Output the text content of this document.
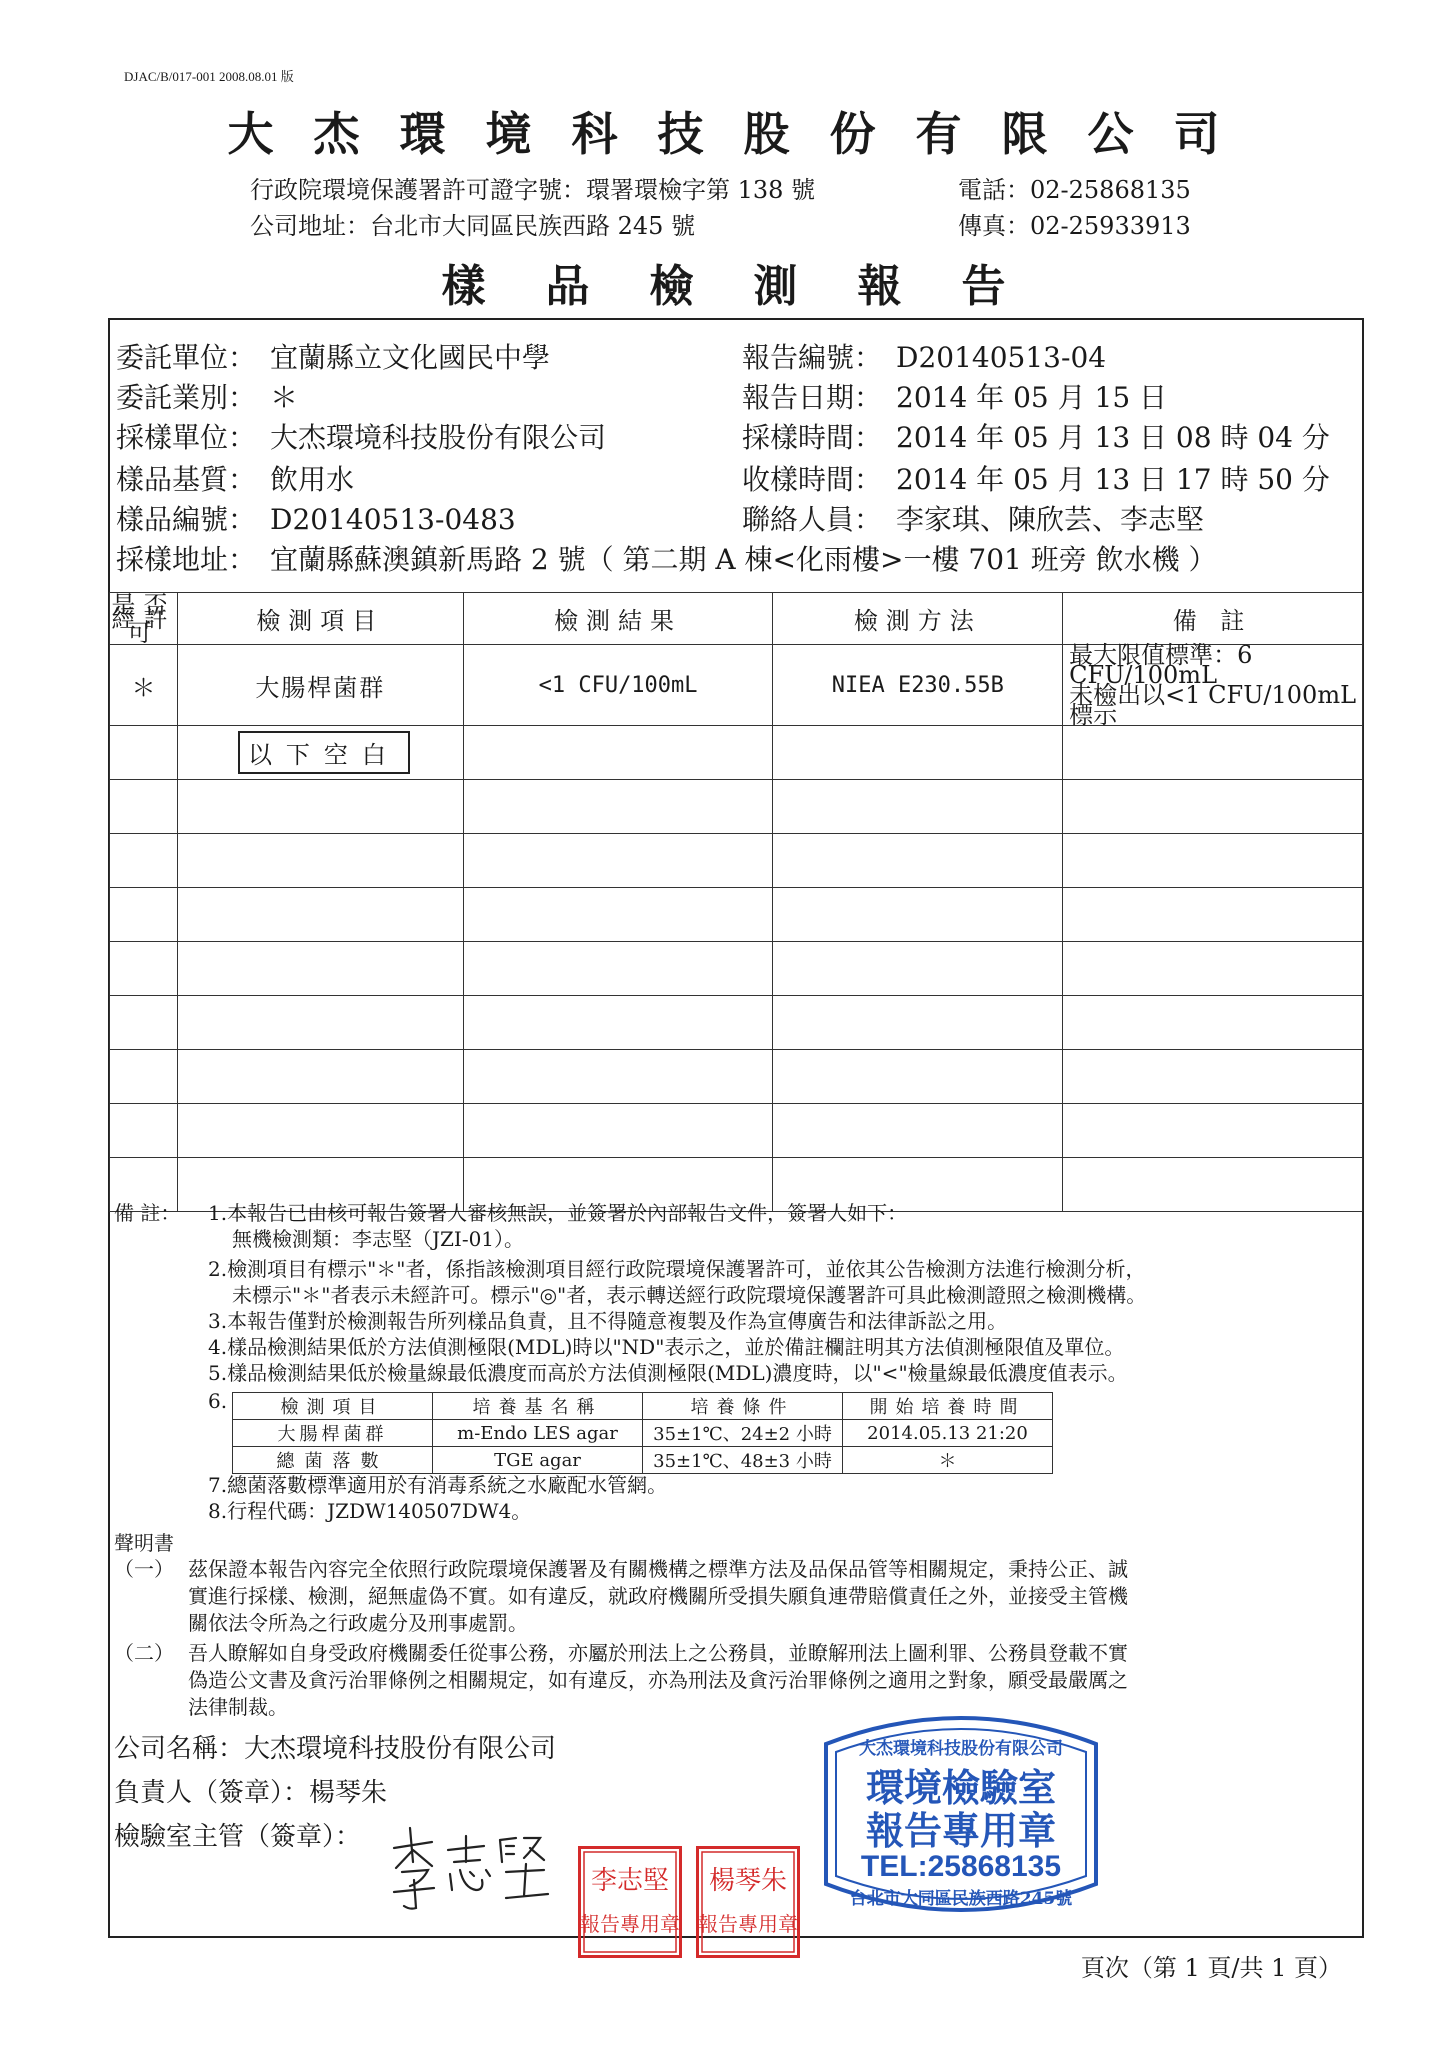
DJAC/B/017-001 2008.08.01 版
大杰環境科技股份有限公司
行政院環境保護署許可證字號：環署環檢字第 138 號	電話：02-25868135
公司地址：台北市大同區民族西路 245 號	傳真：02-25933913
樣品檢測報告
委託單位： 宜蘭縣立文化國民中學
委託業別： ＊
採樣單位： 大杰環境科技股份有限公司
樣品基質： 飲用水
樣品編號： D20140513-0483
採樣地址： 宜蘭縣蘇澳鎮新馬路 2 號（ 第二期 A 棟<化雨樓>一樓 701 班旁 飲水機 ）
報告編號： D20140513-04
報告日期： 2014 年 05 月 15 日
採樣時間： 2014 年 05 月 13 日 08 時 04 分
收樣時間： 2014 年 05 月 13 日 17 時 50 分
聯絡人員： 李家琪、陳欣芸、李志堅
是否經許 可	檢測項目	檢測結果	檢測方法	備 註
＊	大腸桿菌群	<1 CFU/100mL	NIEA E230.55B	最大限值標準：6 CFU/100mL
未檢出以<1 CFU/100mL 標示

	以下空白			

備 註： 1.本報告已由核可報告簽署人審核無誤，並簽署於內部報告文件，簽署人如下：
無機檢測類：李志堅（JZI-01）。
2.檢測項目有標示"＊"者，係指該檢測項目經行政院環境保護署許可，並依其公告檢測方法進行檢測分析，
未標示"＊"者表示未經許可。標示"◎"者，表示轉送經行政院環境保護署許可具此檢測證照之檢測機構。
3.本報告僅對於檢測報告所列樣品負責，且不得隨意複製及作為宣傳廣告和法律訴訟之用。
4.樣品檢測結果低於方法偵測極限(MDL)時以"ND"表示之，並於備註欄註明其方法偵測極限值及單位。
5.樣品檢測結果低於檢量線最低濃度而高於方法偵測極限(MDL)濃度時，以"<"檢量線最低濃度值表示。
6.
7.總菌落數標準適用於有消毒系統之水廠配水管網。
8.行程代碼：JZDW140507DW4。
檢測項目	培養基名稱	培養條件	開始培養時間
大腸桿菌群	m-Endo LES agar	35±1℃、24±2 小時	2014.05.13 21:20
總菌落數	TGE agar	35±1℃、48±3 小時	＊
聲明書
（一） 茲保證本報告內容完全依照行政院環境保護署及有關機構之標準方法及品保品管等相關規定，秉持公正、誠
實進行採樣、檢測，絕無虛偽不實。如有違反，就政府機關所受損失願負連帶賠償責任之外，並接受主管機
關依法令所為之行政處分及刑事處罰。
（二） 吾人瞭解如自身受政府機關委任從事公務，亦屬於刑法上之公務員，並瞭解刑法上圖利罪、公務員登載不實
偽造公文書及貪污治罪條例之相關規定，如有違反，亦為刑法及貪污治罪條例之適用之對象，願受最嚴厲之
法律制裁。
公司名稱：大杰環境科技股份有限公司
負責人（簽章）：楊琴朱
檢驗室主管（簽章）：
李志堅
報告專用章
楊琴朱
報告專用章
大杰環境科技股份有限公司
環境檢驗室
報告專用章
TEL:25868135
台北市大同區民族西路245號
頁次（第 1 頁/共 1 頁）
